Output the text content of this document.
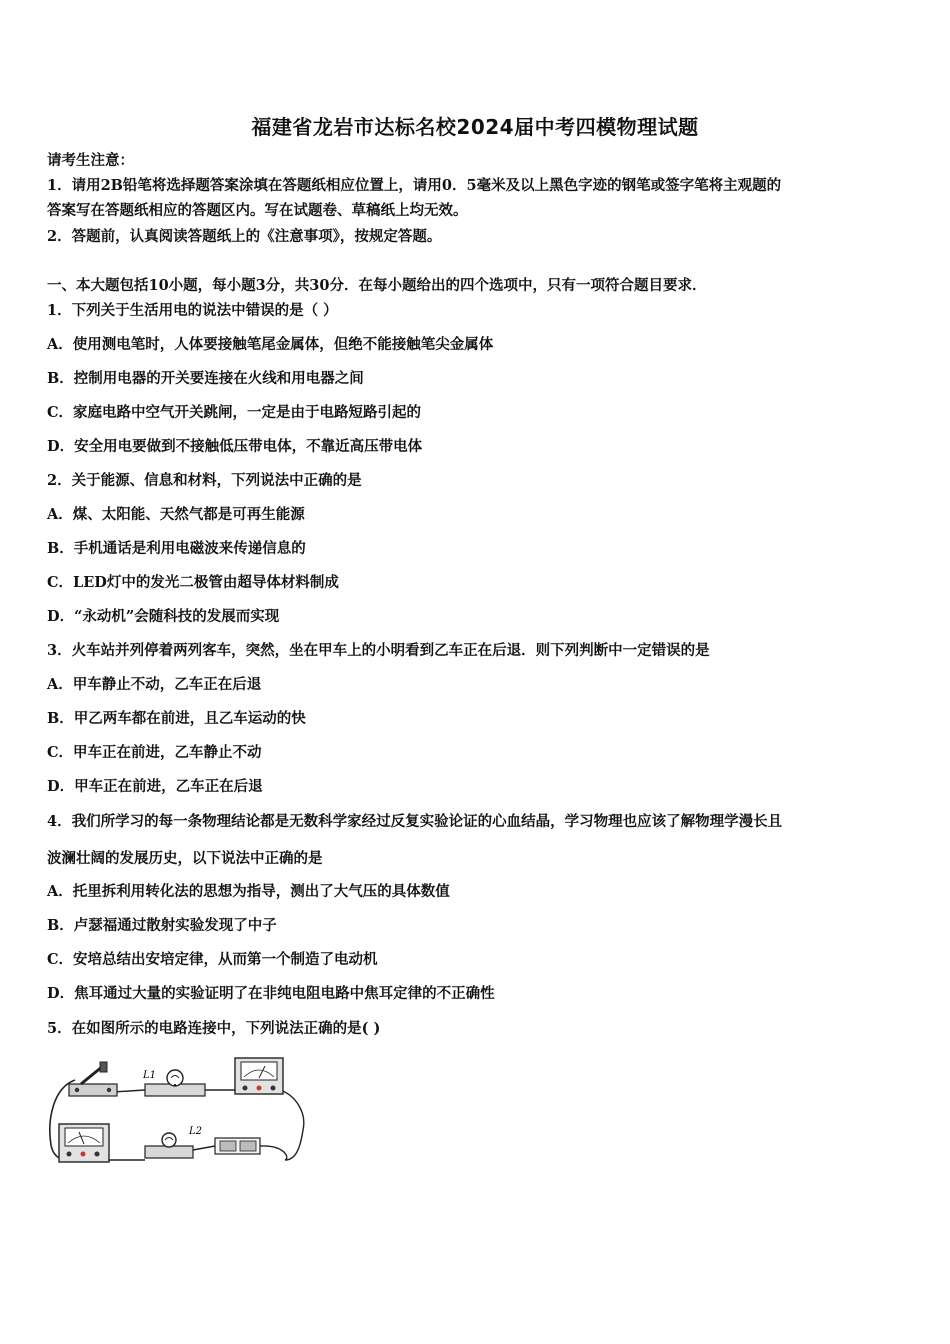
福建省龙岩市达标名校2024届中考四模物理试题
请考生注意：
1．请用2B铅笔将选择题答案涂填在答题纸相应位置上，请用0．5毫米及以上黑色字迹的钢笔或签字笔将主观题的
答案写在答题纸相应的答题区内。写在试题卷、草稿纸上均无效。
2．答题前，认真阅读答题纸上的《注意事项》，按规定答题。
一、本大题包括10小题，每小题3分，共30分．在每小题给出的四个选项中，只有一项符合题目要求．
1．下列关于生活用电的说法中错误的是（ ）
A．使用测电笔时，人体要接触笔尾金属体，但绝不能接触笔尖金属体
B．控制用电器的开关要连接在火线和用电器之间
C．家庭电路中空气开关跳闸，一定是由于电路短路引起的
D．安全用电要做到不接触低压带电体，不靠近高压带电体
2．关于能源、信息和材料，下列说法中正确的是
A．煤、太阳能、天然气都是可再生能源
B．手机通话是利用电磁波来传递信息的
C．LED灯中的发光二极管由超导体材料制成
D．“永动机”会随科技的发展而实现
3．火车站并列停着两列客车，突然，坐在甲车上的小明看到乙车正在后退．则下列判断中一定错误的是
A．甲车静止不动，乙车正在后退
B．甲乙两车都在前进，且乙车运动的快
C．甲车正在前进，乙车静止不动
D．甲车正在前进，乙车正在后退
4．我们所学习的每一条物理结论都是无数科学家经过反复实验论证的心血结晶，学习物理也应该了解物理学漫长且
波澜壮阔的发展历史，以下说法中正确的是
A．托里拆利用转化法的思想为指导，测出了大气压的具体数值
B．卢瑟福通过散射实验发现了中子
C．安培总结出安培定律，从而第一个制造了电动机
D．焦耳通过大量的实验证明了在非纯电阻电路中焦耳定律的不正确性
5．在如图所示的电路连接中，下列说法正确的是( )
L1
L2
